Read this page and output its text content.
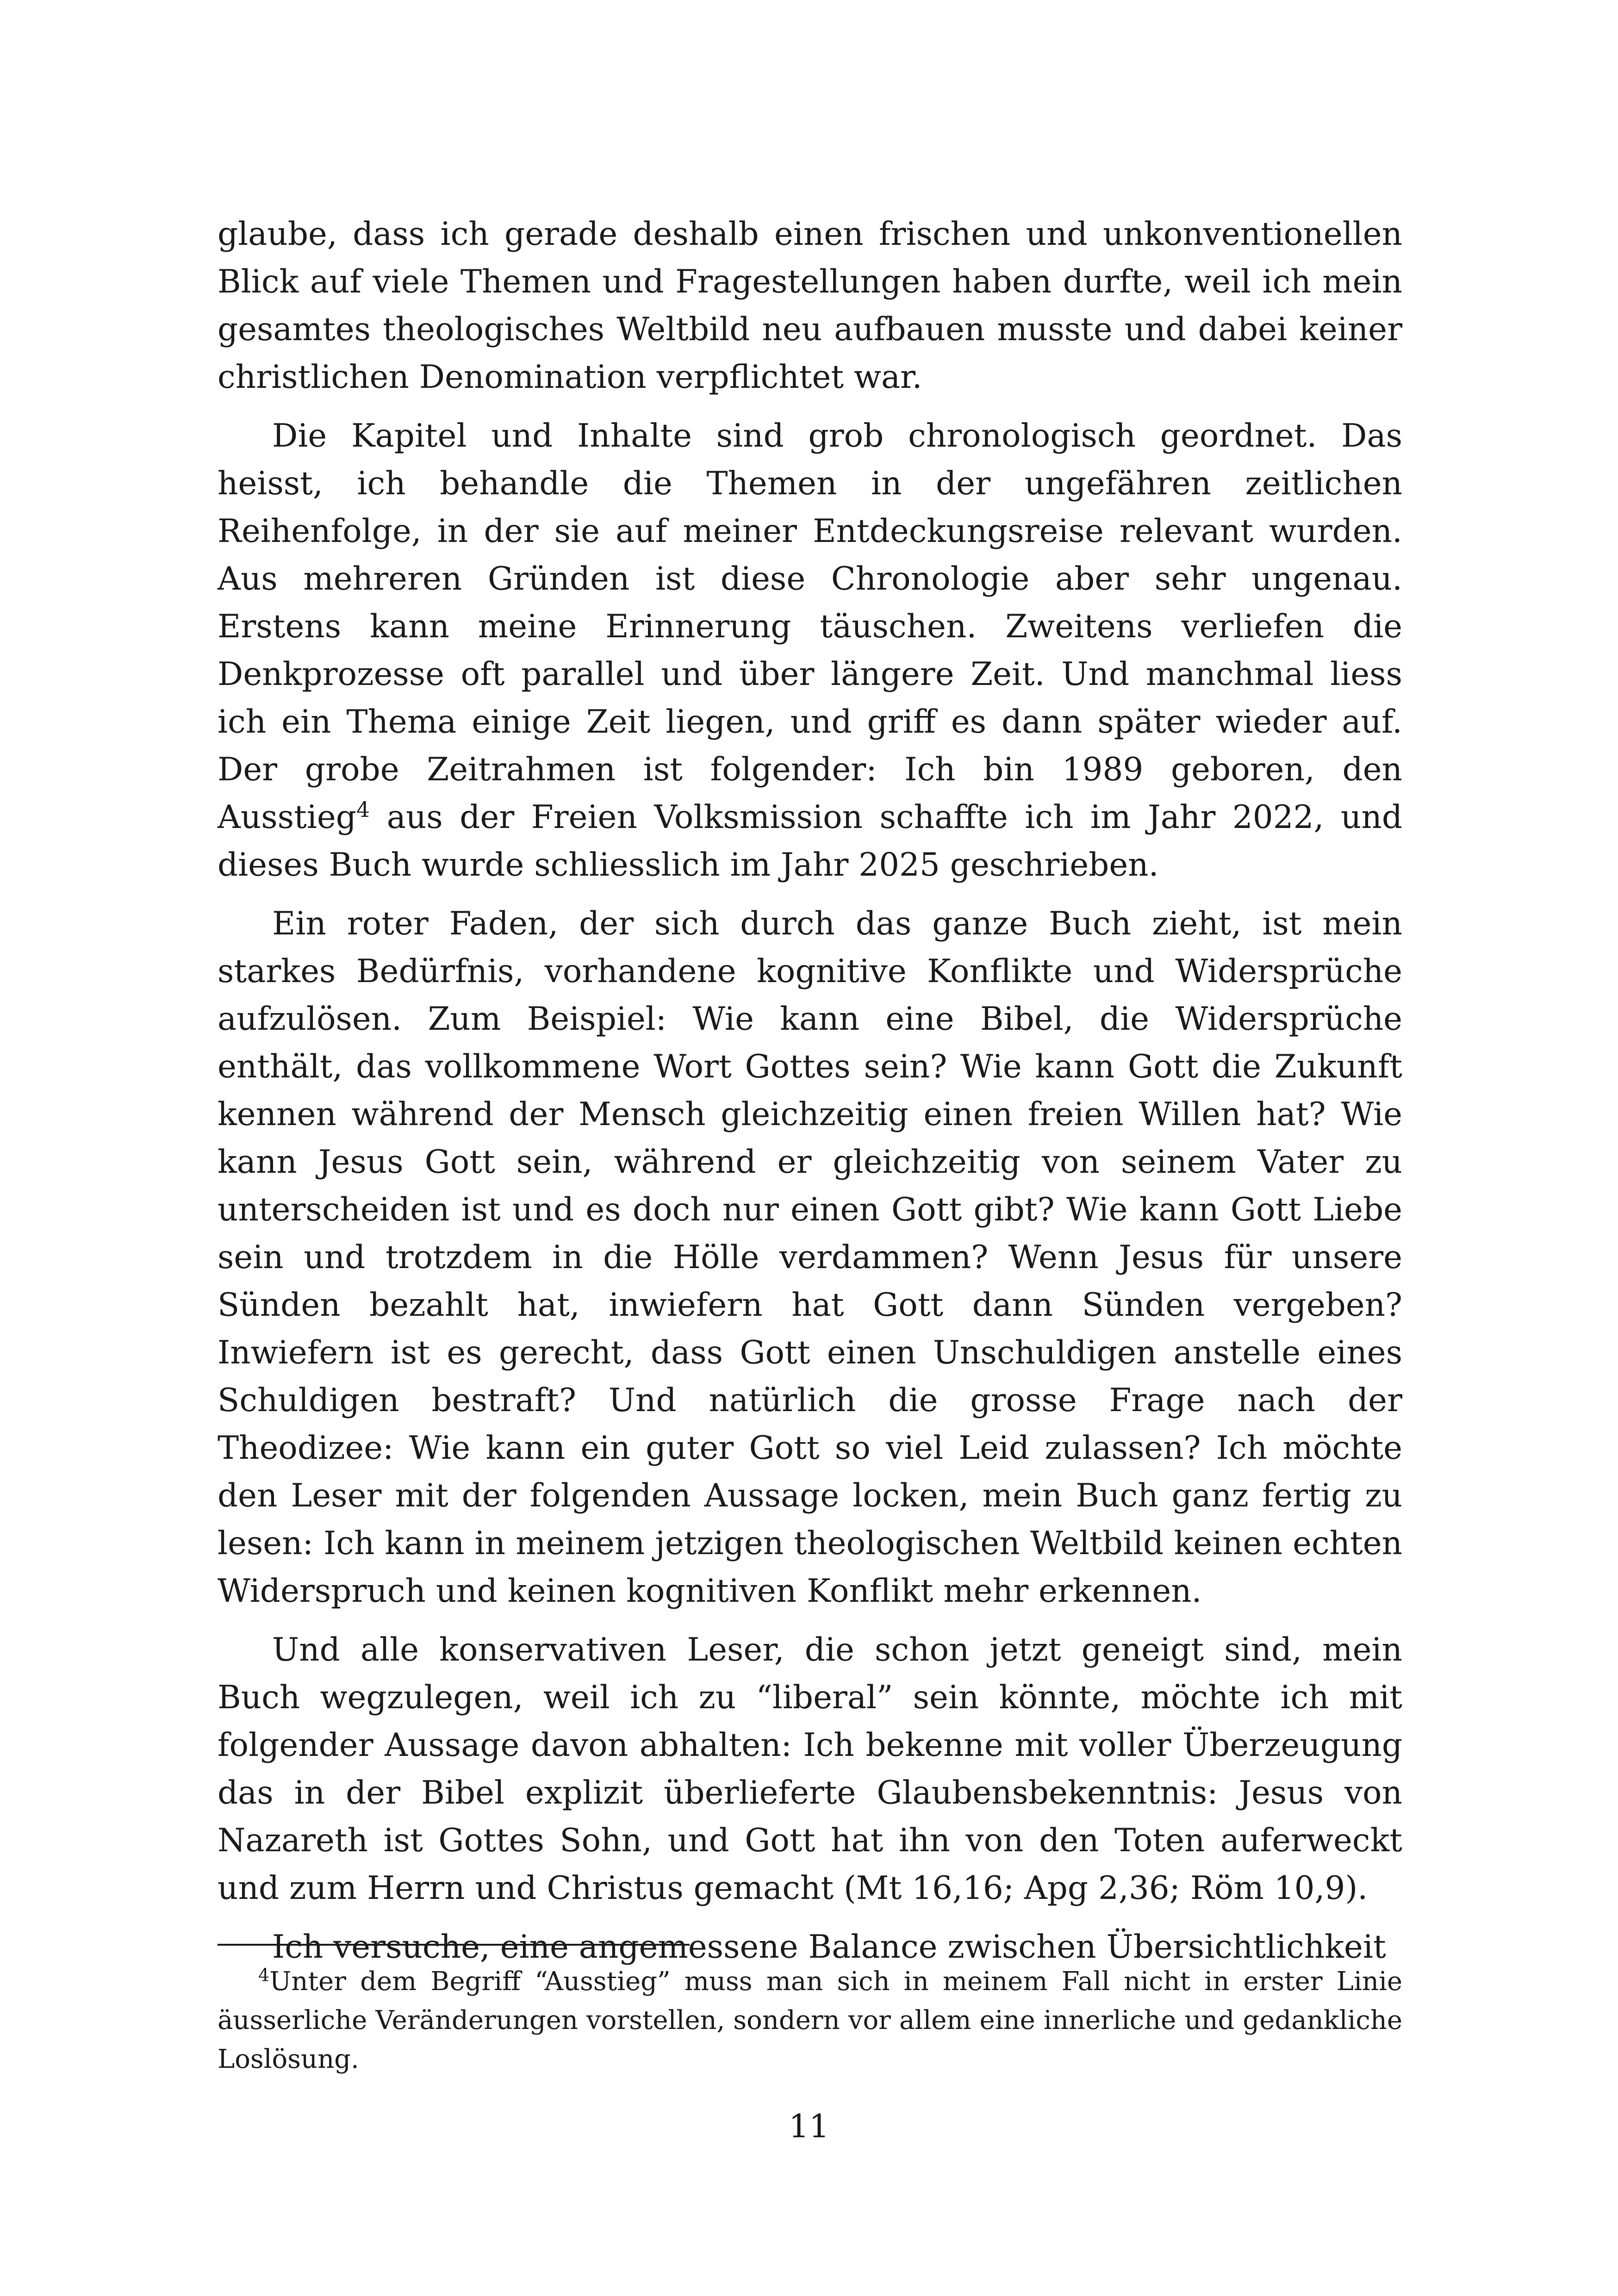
glaube, dass ich gerade deshalb einen frischen und unkonventionellen Blick auf viele Themen und Fragestellungen haben durfte, weil ich mein gesamtes theologisches Weltbild neu aufbauen musste und dabei keiner christlichen Denomination verpflichtet war.

Die Kapitel und Inhalte sind grob chronologisch geordnet. Das heisst, ich behandle die Themen in der ungefähren zeitlichen Reihenfolge, in der sie auf meiner Entdeckungsreise relevant wurden. Aus mehreren Gründen ist diese Chronologie aber sehr ungenau. Erstens kann meine Erinnerung täuschen. Zweitens verliefen die Denkprozesse oft parallel und über längere Zeit. Und manchmal liess ich ein Thema einige Zeit liegen, und griff es dann später wieder auf. Der grobe Zeitrahmen ist folgender: Ich bin 1989 geboren, den Ausstieg$^4$ aus der Freien Volksmission schaffte ich im Jahr 2022, und dieses Buch wurde schliesslich im Jahr 2025 geschrieben.

Ein roter Faden, der sich durch das ganze Buch zieht, ist mein starkes Bedürfnis, vorhandene kognitive Konflikte und Widersprüche aufzulösen. Zum Beispiel: Wie kann eine Bibel, die Widersprüche enthält, das vollkommene Wort Gottes sein? Wie kann Gott die Zukunft kennen während der Mensch gleichzeitig einen freien Willen hat? Wie kann Jesus Gott sein, während er gleichzeitig von seinem Vater zu unterscheiden ist und es doch nur einen Gott gibt? Wie kann Gott Liebe sein und trotzdem in die Hölle verdammen? Wenn Jesus für unsere Sünden bezahlt hat, inwiefern hat Gott dann Sünden vergeben? Inwiefern ist es gerecht, dass Gott einen Unschuldigen anstelle eines Schuldigen bestraft? Und natürlich die grosse Frage nach der Theodizee: Wie kann ein guter Gott so viel Leid zulassen? Ich möchte den Leser mit der folgenden Aussage locken, mein Buch ganz fertig zu lesen: Ich kann in meinem jetzigen theologischen Weltbild keinen echten Widerspruch und keinen kognitiven Konflikt mehr erkennen.

Und alle konservativen Leser, die schon jetzt geneigt sind, mein Buch wegzulegen, weil ich zu “liberal” sein könnte, möchte ich mit folgender Aussage davon abhalten: Ich bekenne mit voller Überzeugung das in der Bibel explizit überlieferte Glaubensbekenntnis: Jesus von Nazareth ist Gottes Sohn, und Gott hat ihn von den Toten auferweckt und zum Herrn und Christus gemacht (Mt 16,16; Apg 2,36; Röm 10,9).

Ich versuche, eine angemessene Balance zwischen Übersichtlichkeit

$^4$Unter dem Begriff “Ausstieg” muss man sich in meinem Fall nicht in erster Linie äusserliche Veränderungen vorstellen, sondern vor allem eine innerliche und gedankliche Loslösung.

11
